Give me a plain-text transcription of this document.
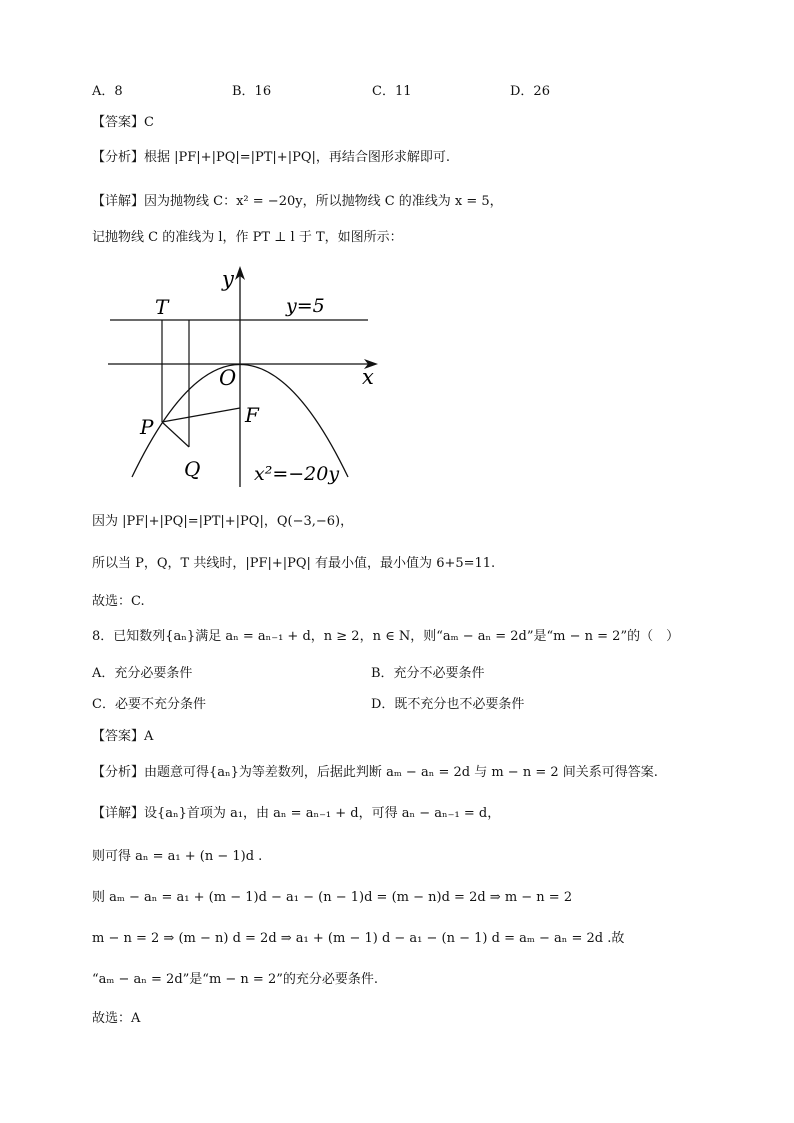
A．8	B．16	C．11	D．26
【答案】C
【分析】根据 |PF|+|PQ|=|PT|+|PQ|，再结合图形求解即可.
【详解】因为抛物线 C：x² = −20y，所以抛物线 C 的准线为 x = 5，
记抛物线 C 的准线为 l，作 PT ⊥ l 于 T，如图所示：
y
x
O
y=5
T
P	F
Q	x²=−20y
因为 |PF|+|PQ|=|PT|+|PQ|，Q(−3,−6)，
所以当 P，Q，T 共线时，|PF|+|PQ| 有最小值，最小值为 6+5=11.
故选：C.
8．已知数列{aₙ}满足 aₙ = aₙ₋₁ + d，n ≥ 2，n ∈ N，则“aₘ − aₙ = 2d”是“m − n = 2”的（　）
A．充分必要条件	B．充分不必要条件
C．必要不充分条件	D．既不充分也不必要条件
【答案】A
【分析】由题意可得{aₙ}为等差数列，后据此判断 aₘ − aₙ = 2d 与 m − n = 2 间关系可得答案.
【详解】设{aₙ}首项为 a₁，由 aₙ = aₙ₋₁ + d，可得 aₙ − aₙ₋₁ = d，
则可得 aₙ = a₁ + (n − 1)d .
则 aₘ − aₙ = a₁ + (m − 1)d − a₁ − (n − 1)d = (m − n)d = 2d ⇒ m − n = 2
m − n = 2 ⇒ (m − n) d = 2d ⇒ a₁ + (m − 1) d − a₁ − (n − 1) d = aₘ − aₙ = 2d .故
“aₘ − aₙ = 2d”是“m − n = 2”的充分必要条件.
故选：A
